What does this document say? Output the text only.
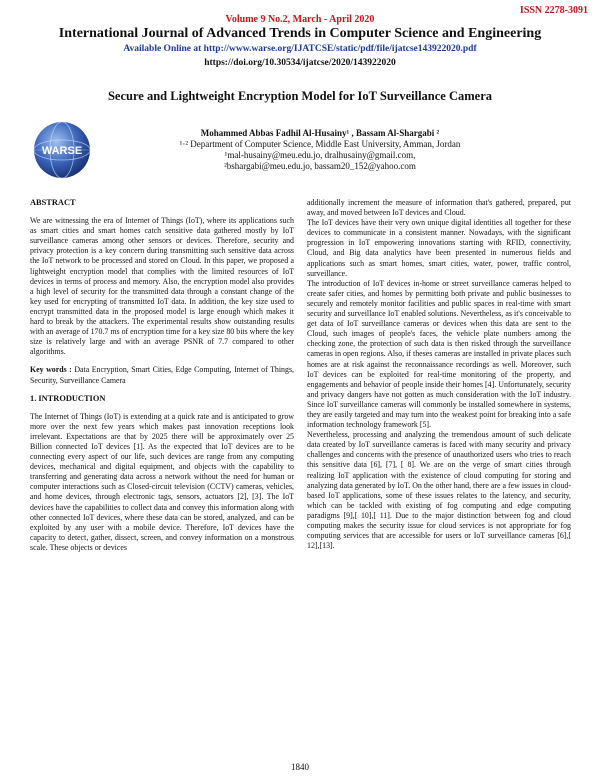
ISSN 2278-3091
Volume 9 No.2, March - April 2020
International Journal of Advanced Trends in Computer Science and Engineering
Available Online at http://www.warse.org/IJATCSE/static/pdf/file/ijatcse143922020.pdf
https://doi.org/10.30534/ijatcse/2020/143922020
Secure and Lightweight Encryption Model for IoT Surveillance Camera
WARSE
Mohammed Abbas Fadhil Al-Husainy¹ , Bassam Al-Shargabi ²
¹·² Department of Computer Science, Middle East University, Amman, Jordan
¹mal-husainy@meu.edu.jo, dralhusainy@gmail.com,
²bshargabi@meu.edu.jo, bassam20_152@yahoo.com
ABSTRACT

We are witnessing the era of Internet of Things (IoT), where its applications such as smart cities and smart homes catch sensitive data gathered mostly by IoT surveillance cameras among other sensors or devices. Therefore, security and privacy protection is a key concern during transmitting such sensitive data across the IoT network to be processed and stored on Cloud. In this paper, we proposed a lightweight encryption model that complies with the limited resources of IoT devices in terms of process and memory. Also, the encryption model also provides a high level of security for the transmitted data through a constant change of the key used for encrypting of transmitted IoT data. In addition, the key size used to encrypt transmitted data in the proposed model is large enough which makes it hard to break by the attackers. The experimental results show outstanding results with an average of 170.7 ms of encryption time for a key size 80 bits where the key size is relatively large and with an average PSNR of 7.7 compared to other algorithms.

Key words : Data Encryption, Smart Cities, Edge Computing, Internet of Things, Security, Surveillance Camera

1. INTRODUCTION

The Internet of Things (IoT) is extending at a quick rate and is anticipated to grow more over the next few years which makes past innovation receptions look irrelevant. Expectations are that by 2025 there will be approximately over 25 Billion connected IoT devices [1]. As the expected that IoT devices are to be connecting every aspect of our life, such devices are range from any computing devices, mechanical and digital equipment, and objects with the capability to transferring and generating data across a network without the need for human or computer interactions such as Closed-circuit television (CCTV) cameras, vehicles, and home devices, through electronic tags, sensors, actuators [2], [3]. The IoT devices have the capabilities to collect data and convey this information along with other connected IoT devices, where these data can be stored, analyzed, and can be exploited by any user with a mobile device. Therefore, IoT devices have the capacity to detect, gather, dissect, screen, and convey information on a monstrous scale. These objects or devices

additionally increment the measure of information that's gathered, prepared, put away, and moved between IoT devices and Cloud.

The IoT devices have their very own unique digital identities all together for these devices to communicate in a consistent manner. Nowadays, with the significant progression in IoT empowering innovations starting with RFID, connectivity, Cloud, and Big data analytics have been presented in numerous fields and applications such as smart homes, smart cities, water, power, traffic control, surveillance.

The introduction of IoT devices in-home or street surveillance cameras helped to create safer cities, and homes by permitting both private and public businesses to securely and remotely monitor facilities and public spaces in real-time with smart security and surveillance IoT enabled solutions. Nevertheless, as it's conceivable to get data of IoT surveillance cameras or devices when this data are sent to the Cloud, such images of people's faces, the vehicle plate numbers among the checking zone, the protection of such data is then risked through the surveillance cameras in open regions. Also, if theses cameras are installed in private places such homes are at risk against the reconnaissance recordings as well. Moreover, such IoT devices can be exploited for real-time monitoring of the property, and engagements and behavior of people inside their homes [4]. Unfortunately, security and privacy dangers have not gotten as much consideration with the IoT industry. Since IoT surveillance cameras will commonly be installed somewhere in systems, they are easily targeted and may turn into the weakest point for breaking into a safe information technology framework [5].

Nevertheless, processing and analyzing the tremendous amount of such delicate data created by IoT surveillance cameras is faced with many security and privacy challenges and concerns with the presence of unauthorized users who tries to reach this sensitive data [6], [7], [ 8]. We are on the verge of smart cities through realizing IoT application with the existence of cloud computing for storing and analyzing data generated by IoT. On the other hand, there are a few issues in cloud-based IoT applications, some of these issues relates to the latency, and security, which can be tackled with existing of fog computing and edge computing paradigms [9],[ 10],[ 11]. Due to the major distinction between fog and cloud computing makes the security issue for cloud services is not appropriate for fog computing services that are accessible for users or IoT surveillance cameras [6],[ 12],[13].

1840
